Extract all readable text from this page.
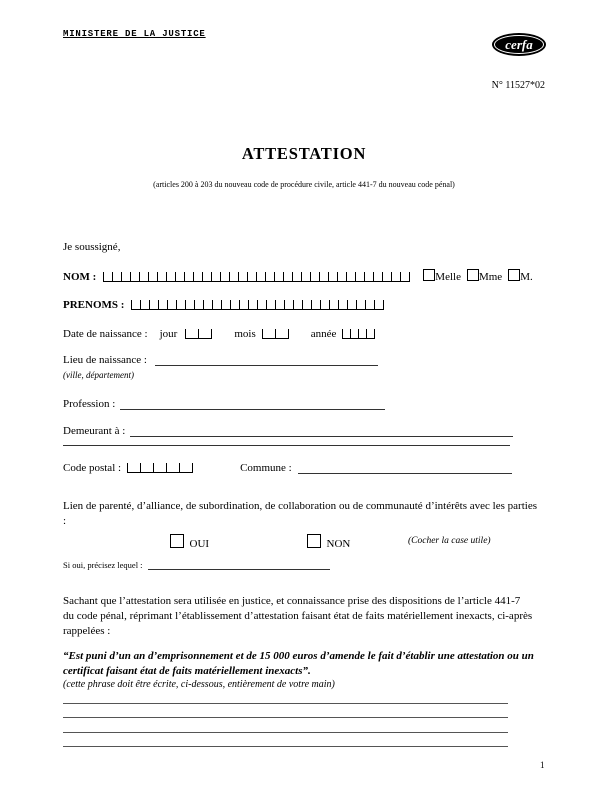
MINISTERE DE LA JUSTICE
cerfa
N° 11527*02
ATTESTATION
(articles 200 à 203 du nouveau code de procédure civile, article 441-7 du nouveau code pénal)
Je soussigné,
NOM :	Melle	Mme	M.
PRENOMS :
Date de naissance : jour	mois	année
Lieu de naissance :
(ville, département)
Profession :
Demeurant à :
Code postal :	Commune :
Lien de parenté, d’alliance, de subordination, de collaboration ou de communauté d’intérêts avec les parties :
OUI	NON	(Cocher la case utile)
Si oui, précisez lequel :
Sachant que l’attestation sera utilisée en justice, et connaissance prise des dispositions de l’article 441-7 du code pénal, réprimant l’établissement d’attestation faisant état de faits matériellement inexacts, ci-après rappelées :
“Est puni d’un an d’emprisonnement et de 15 000 euros d’amende le fait d’établir une attestation ou un certificat faisant état de faits matériellement inexacts”.
(cette phrase doit être écrite, ci-dessous, entièrement de votre main)
1
